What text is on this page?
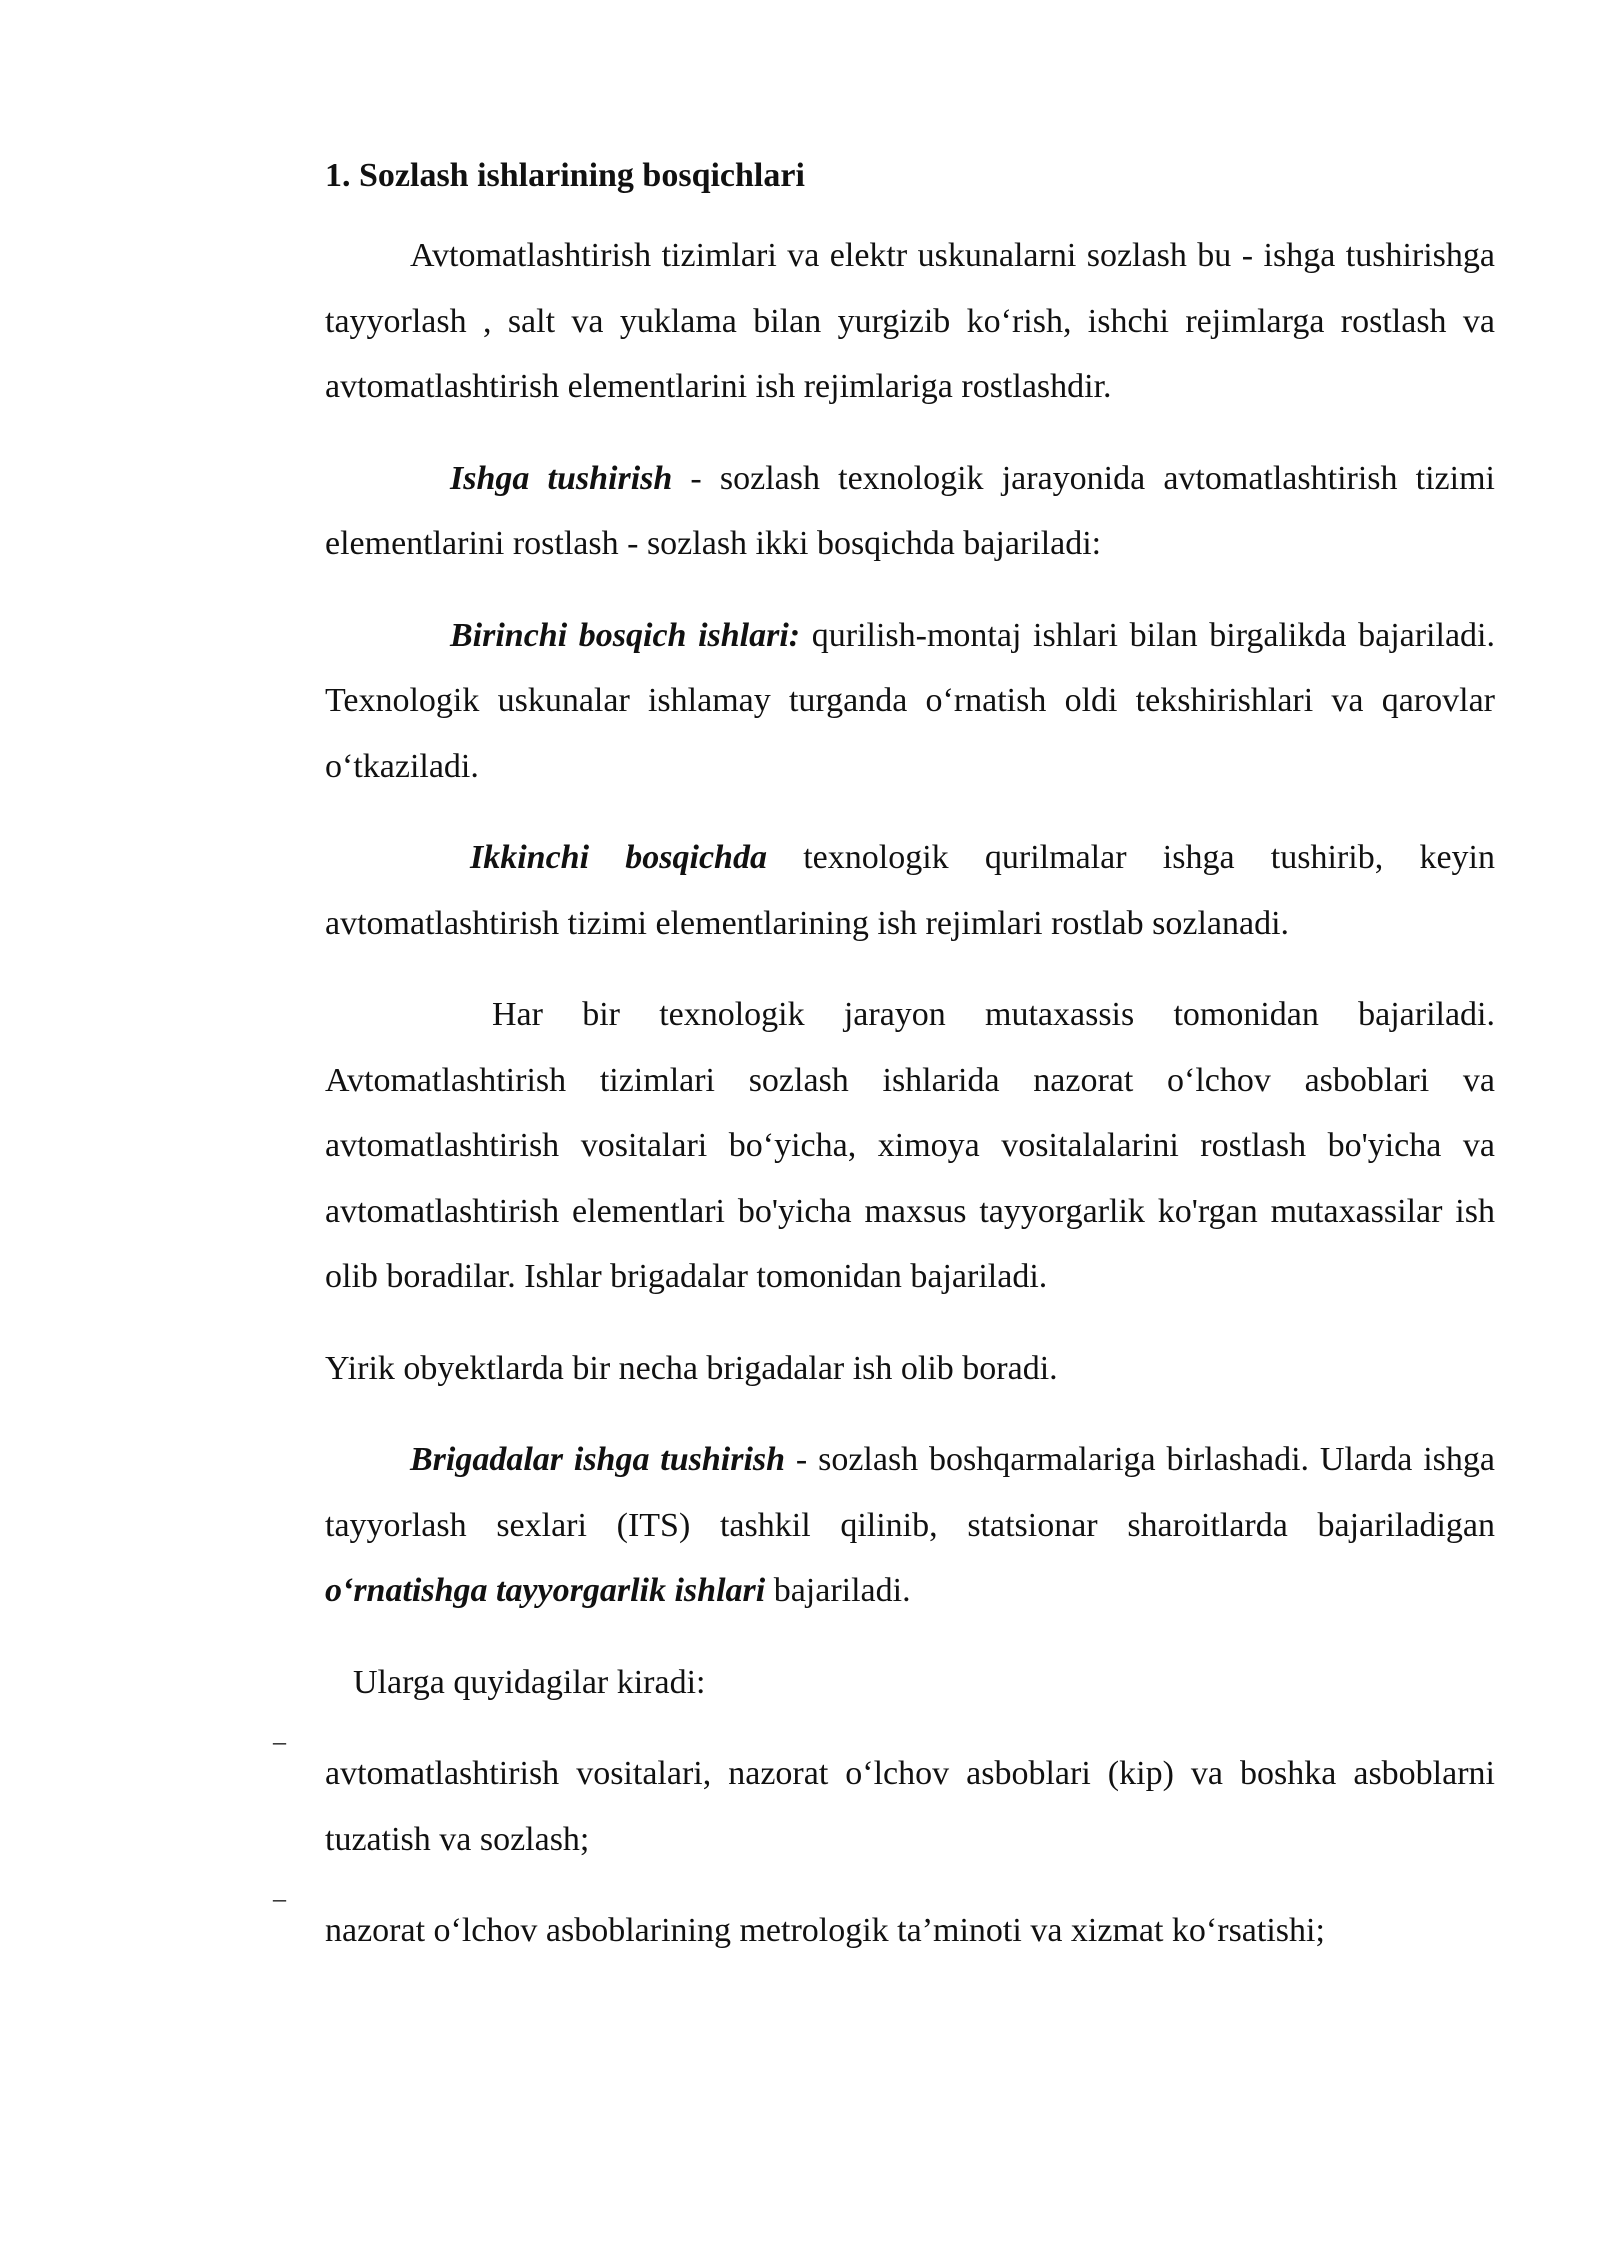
1. Sozlash ishlarining bosqichlari

Avtomatlashtirish tizimlari va elektr uskunalarni sozlash bu - ishga tushirishga tayyorlash , salt va yuklama bilan yurgizib ko‘rish, ishchi rejimlarga rostlash va avtomatlashtirish elementlarini ish rejimlariga rostlashdir.

Ishga tushirish - sozlash texnologik jarayonida avtomatlashtirish tizimi elementlarini rostlash - sozlash ikki bosqichda bajariladi:

Birinchi bosqich ishlari: qurilish-montaj ishlari bilan birgalikda bajariladi. Texnologik uskunalar ishlamay turganda o‘rnatish oldi tekshirishlari va qarovlar o‘tkaziladi.

Ikkinchi bosqichda texnologik qurilmalar ishga tushirib, keyin avtomatlashtirish tizimi elementlarining ish rejimlari rostlab sozlanadi.

Har bir texnologik jarayon mutaxassis tomonidan bajariladi. Avtomatlashtirish tizimlari sozlash ishlarida nazorat o‘lchov asboblari va avtomatlashtirish vositalari bo‘yicha, ximoya vositalalarini rostlash bo'yicha va avtomatlashtirish elementlari bo'yicha maxsus tayyorgarlik ko'rgan mutaxassilar ish olib boradilar. Ishlar brigadalar tomonidan bajariladi.

Yirik obyektlarda bir necha brigadalar ish olib boradi.

Brigadalar ishga tushirish - sozlash boshqarmalariga birlashadi. Ularda ishga tayyorlash sexlari (ITS) tashkil qilinib, statsionar sharoitlarda bajariladigan o‘rnatishga tayyorgarlik ishlari bajariladi.

Ularga quyidagilar kiradi:

–
avtomatlashtirish vositalari, nazorat o‘lchov asboblari (kip) va boshka asboblarni tuzatish va sozlash;

–
nazorat o‘lchov asboblarining metrologik ta’minoti va xizmat ko‘rsatishi;
